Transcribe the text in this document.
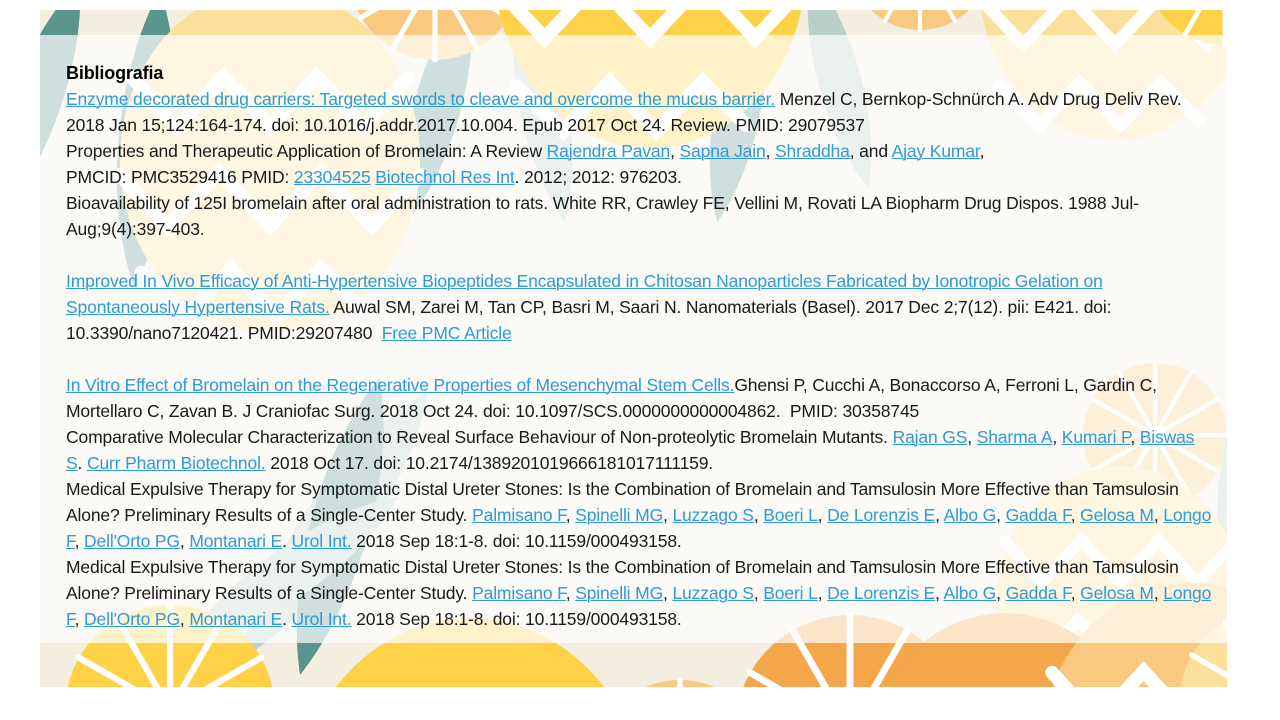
Bibliografia

Enzyme decorated drug carriers: Targeted swords to cleave and overcome the mucus barrier. Menzel C, Bernkop-Schnürch A. Adv Drug Deliv Rev. 2018 Jan 15;124:164-174. doi: 10.1016/j.addr.2017.10.004. Epub 2017 Oct 24. Review. PMID: 29079537

Properties and Therapeutic Application of Bromelain: A Review Rajendra Pavan, Sapna Jain, Shraddha, and Ajay Kumar,

PMCID: PMC3529416 PMID: 23304525 Biotechnol Res Int. 2012; 2012: 976203.

Bioavailability of 125I bromelain after oral administration to rats. White RR, Crawley FE, Vellini M, Rovati LA Biopharm Drug Dispos. 1988 Jul-Aug;9(4):397-403.

Improved In Vivo Efficacy of Anti-Hypertensive Biopeptides Encapsulated in Chitosan Nanoparticles Fabricated by Ionotropic Gelation on Spontaneously Hypertensive Rats. Auwal SM, Zarei M, Tan CP, Basri M, Saari N. Nanomaterials (Basel). 2017 Dec 2;7(12). pii: E421. doi: 10.3390/nano7120421. PMID:29207480  Free PMC Article

In Vitro Effect of Bromelain on the Regenerative Properties of Mesenchymal Stem Cells.Ghensi P, Cucchi A, Bonaccorso A, Ferroni L, Gardin C, Mortellaro C, Zavan B. J Craniofac Surg. 2018 Oct 24. doi: 10.1097/SCS.0000000000004862.  PMID: 30358745

Comparative Molecular Characterization to Reveal Surface Behaviour of Non-proteolytic Bromelain Mutants. Rajan GS, Sharma A, Kumari P, Biswas S. Curr Pharm Biotechnol. 2018 Oct 17. doi: 10.2174/1389201019666181017111159.

Medical Expulsive Therapy for Symptomatic Distal Ureter Stones: Is the Combination of Bromelain and Tamsulosin More Effective than Tamsulosin Alone? Preliminary Results of a Single-Center Study. Palmisano F, Spinelli MG, Luzzago S, Boeri L, De Lorenzis E, Albo G, Gadda F, Gelosa M, Longo F, Dell'Orto PG, Montanari E. Urol Int. 2018 Sep 18:1-8. doi: 10.1159/000493158.

Medical Expulsive Therapy for Symptomatic Distal Ureter Stones: Is the Combination of Bromelain and Tamsulosin More Effective than Tamsulosin Alone? Preliminary Results of a Single-Center Study. Palmisano F, Spinelli MG, Luzzago S, Boeri L, De Lorenzis E, Albo G, Gadda F, Gelosa M, Longo F, Dell'Orto PG, Montanari E. Urol Int. 2018 Sep 18:1-8. doi: 10.1159/000493158.
